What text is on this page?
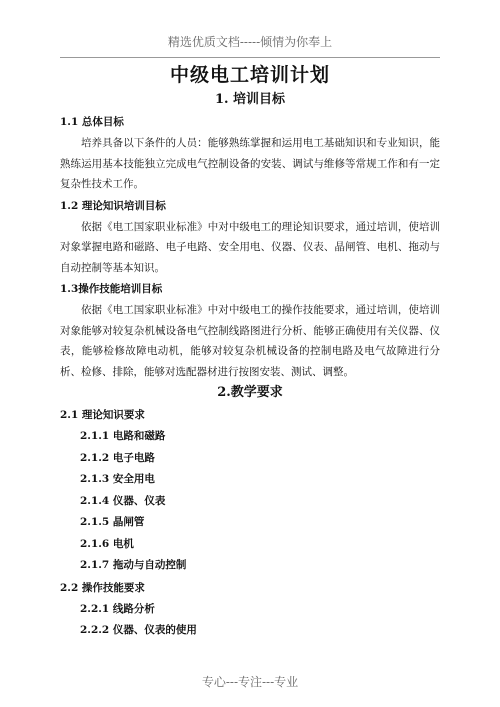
精选优质文档-----倾情为你奉上
中级电工培训计划
1. 培训目标
1.1 总体目标

培养具备以下条件的人员：能够熟练掌握和运用电工基础知识和专业知识，能熟练运用基本技能独立完成电气控制设备的安装、调试与维修等常规工作和有一定复杂性技术工作。

1.2 理论知识培训目标

依据《电工国家职业标准》中对中级电工的理论知识要求，通过培训，使培训对象掌握电路和磁路、电子电路、安全用电、仪器、仪表、晶闸管、电机、拖动与自动控制等基本知识。

1.3操作技能培训目标

依据《电工国家职业标准》中对中级电工的操作技能要求，通过培训，使培训对象能够对较复杂机械设备电气控制线路图进行分析、能够正确使用有关仪器、仪表，能够检修故障电动机，能够对较复杂机械设备的控制电路及电气故障进行分析、检修、排除，能够对选配器材进行按图安装、测试、调整。

2.教学要求
2.1 理论知识要求
2.1.1 电路和磁路
2.1.2 电子电路
2.1.3 安全用电
2.1.4 仪器、仪表
2.1.5 晶闸管
2.1.6 电机
2.1.7 拖动与自动控制
2.2 操作技能要求
2.2.1 线路分析
2.2.2 仪器、仪表的使用
专心---专注---专业
